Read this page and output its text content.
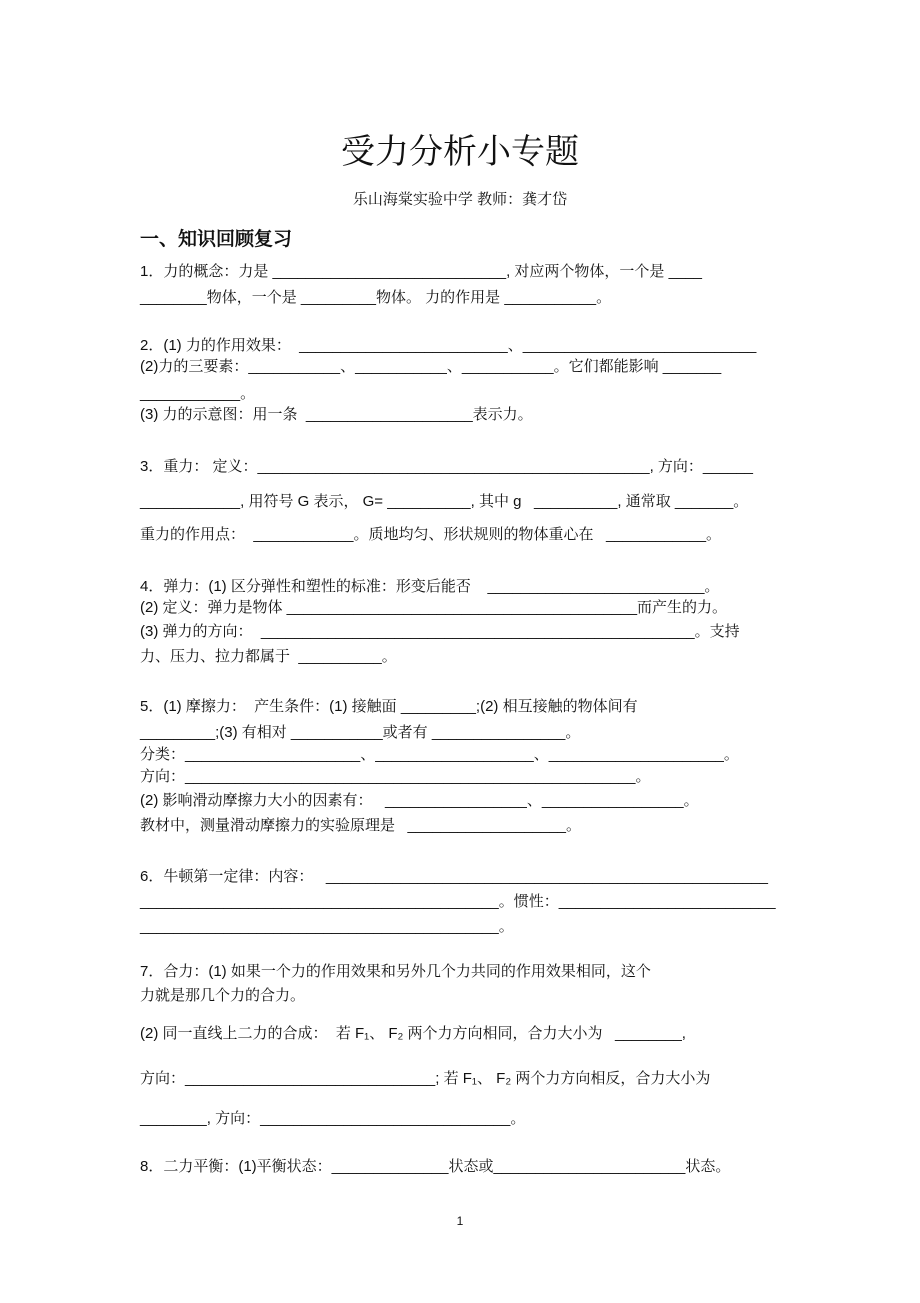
受力分析小专题
乐山海棠实验中学 教师：龚才岱
一、知识回顾复习
1．力的概念：力是 ____________________________, 对应两个物体，一个是 ____
________物体，一个是 _________物体。 力的作用是 ___________。
2．(1) 力的作用效果：  _________________________、____________________________
(2)力的三要素：___________、___________、___________。它们都能影响 _______
____________。
(3) 力的示意图：用一条  ____________________表示力。
3．重力： 定义：_______________________________________________, 方向：______
____________, 用符号 G 表示， G= __________, 其中 g   __________, 通常取 _______。
重力的作用点：  ____________。质地均匀、形状规则的物体重心在   ____________。
4．弹力：(1) 区分弹性和塑性的标准：形变后能否    __________________________。
(2) 定义：弹力是物体 __________________________________________而产生的力。
(3) 弹力的方向：  ____________________________________________________。支持
力、压力、拉力都属于  __________。
5．(1) 摩擦力：  产生条件：(1) 接触面 _________;(2) 相互接触的物体间有
_________;(3) 有相对 ___________或者有 ________________。
分类：_____________________、___________________、_____________________。
方向：______________________________________________________。
(2) 影响滑动摩擦力大小的因素有：   _________________、_________________。
教材中，测量滑动摩擦力的实验原理是   ___________________。
6．牛顿第一定律：内容：   _____________________________________________________
___________________________________________。惯性：__________________________
___________________________________________。
7．合力：(1) 如果一个力的作用效果和另外几个力共同的作用效果相同，这个
力就是那几个力的合力。
(2) 同一直线上二力的合成：  若 F₁、 F₂ 两个力方向相同，合力大小为   ________,
方向：______________________________; 若 F₁、 F₂ 两个力方向相反，合力大小为
________, 方向：______________________________。
8．二力平衡：(1)平衡状态：______________状态或_______________________状态。
1
